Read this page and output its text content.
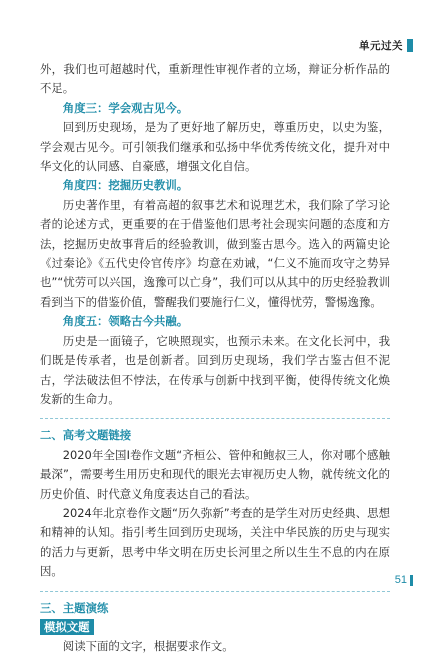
单元过关

外，我们也可超越时代，重新理性审视作者的立场，辩证分析作品的不足。

角度三：学会观古见今。

回到历史现场，是为了更好地了解历史，尊重历史，以史为鉴，学会观古见今。可引领我们继承和弘扬中华优秀传统文化，提升对中华文化的认同感、自豪感，增强文化自信。

角度四：挖掘历史教训。

历史著作里，有着高超的叙事艺术和说理艺术，我们除了学习论者的论述方式，更重要的在于借鉴他们思考社会现实问题的态度和方法，挖掘历史故事背后的经验教训，做到鉴古思今。选入的两篇史论《过秦论》《五代史伶官传序》均意在劝诫，“仁义不施而攻守之势异也”“忧劳可以兴国，逸豫可以亡身”，我们可以从其中的历史经验教训看到当下的借鉴价值，警醒我们要施行仁义，懂得忧劳，警惕逸豫。

角度五：领略古今共融。

历史是一面镜子，它映照现实，也预示未来。在文化长河中，我们既是传承者，也是创新者。回到历史现场，我们学古鉴古但不泥古，学法破法但不悖法，在传承与创新中找到平衡，使得传统文化焕发新的生命力。

二、高考文题链接

2020年全国Ⅰ卷作文题“齐桓公、管仲和鲍叔三人，你对哪个感触最深”，需要考生用历史和现代的眼光去审视历史人物，就传统文化的历史价值、时代意义角度表达自己的看法。

2024年北京卷作文题“历久弥新”考查的是学生对历史经典、思想和精神的认知。指引考生回到历史现场，关注中华民族的历史与现实的活力与更新，思考中华文明在历史长河里之所以生生不息的内在原因。

三、主题演练

模拟文题

阅读下面的文字，根据要求作文。

51
